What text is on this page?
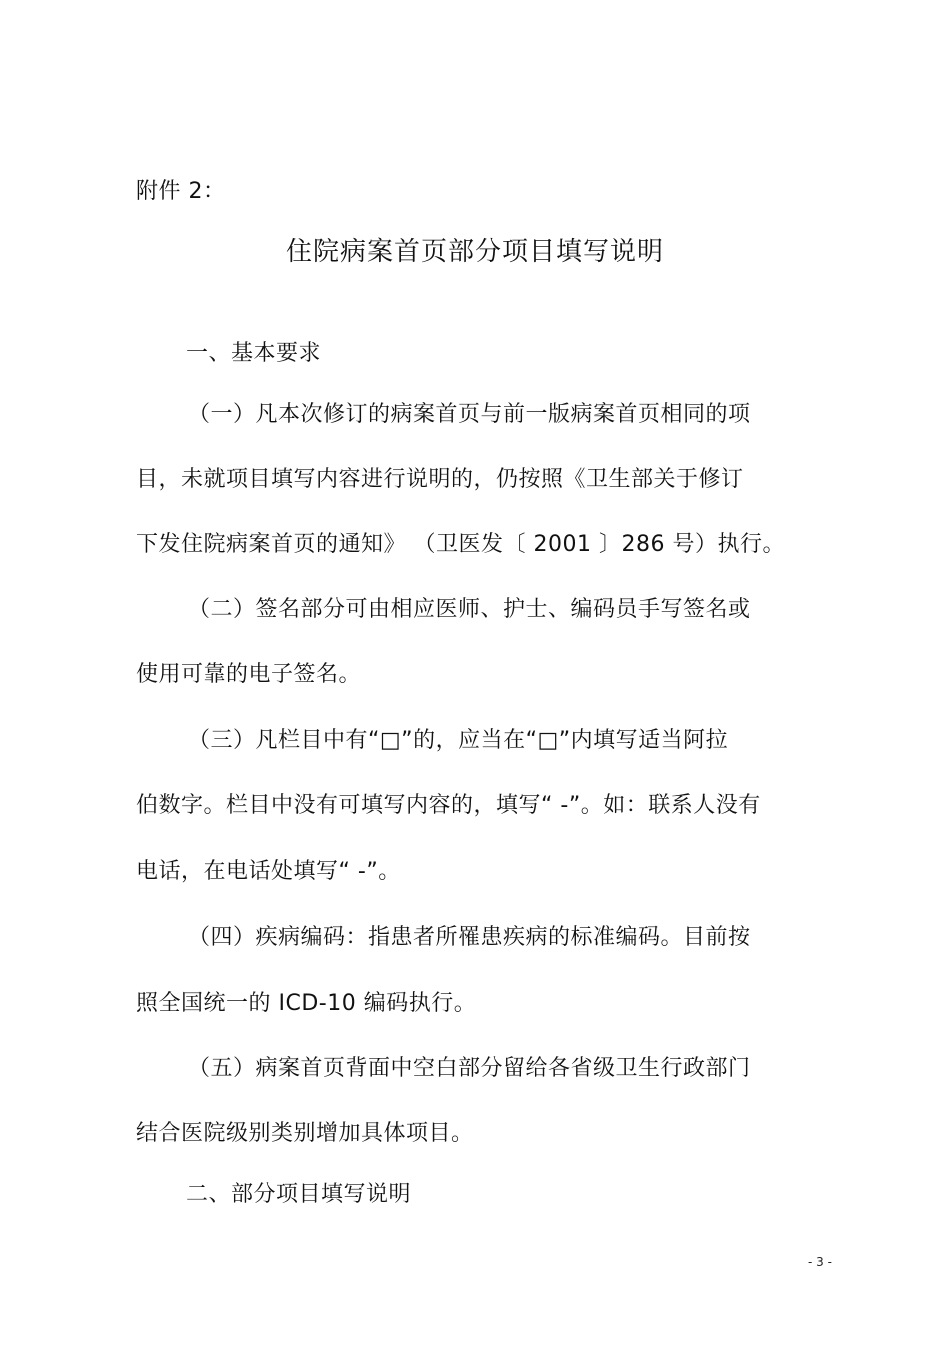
附件 2：
住院病案首页部分项目填写说明
一、基本要求
（一）凡本次修订的病案首页与前一版病案首页相同的项
目，未就项目填写内容进行说明的，仍按照《卫生部关于修订
下发住院病案首页的通知》 （卫医发〔 2001 〕286 号）执行。
（二）签名部分可由相应医师、护士、编码员手写签名或
使用可靠的电子签名。
（三）凡栏目中有“□”的，应当在“□”内填写适当阿拉
伯数字。栏目中没有可填写内容的，填写“ -”。如：联系人没有
电话，在电话处填写“ -”。
（四）疾病编码：指患者所罹患疾病的标准编码。目前按
照全国统一的 ICD-10 编码执行。
（五）病案首页背面中空白部分留给各省级卫生行政部门
结合医院级别类别增加具体项目。
二、部分项目填写说明
- 3 -
